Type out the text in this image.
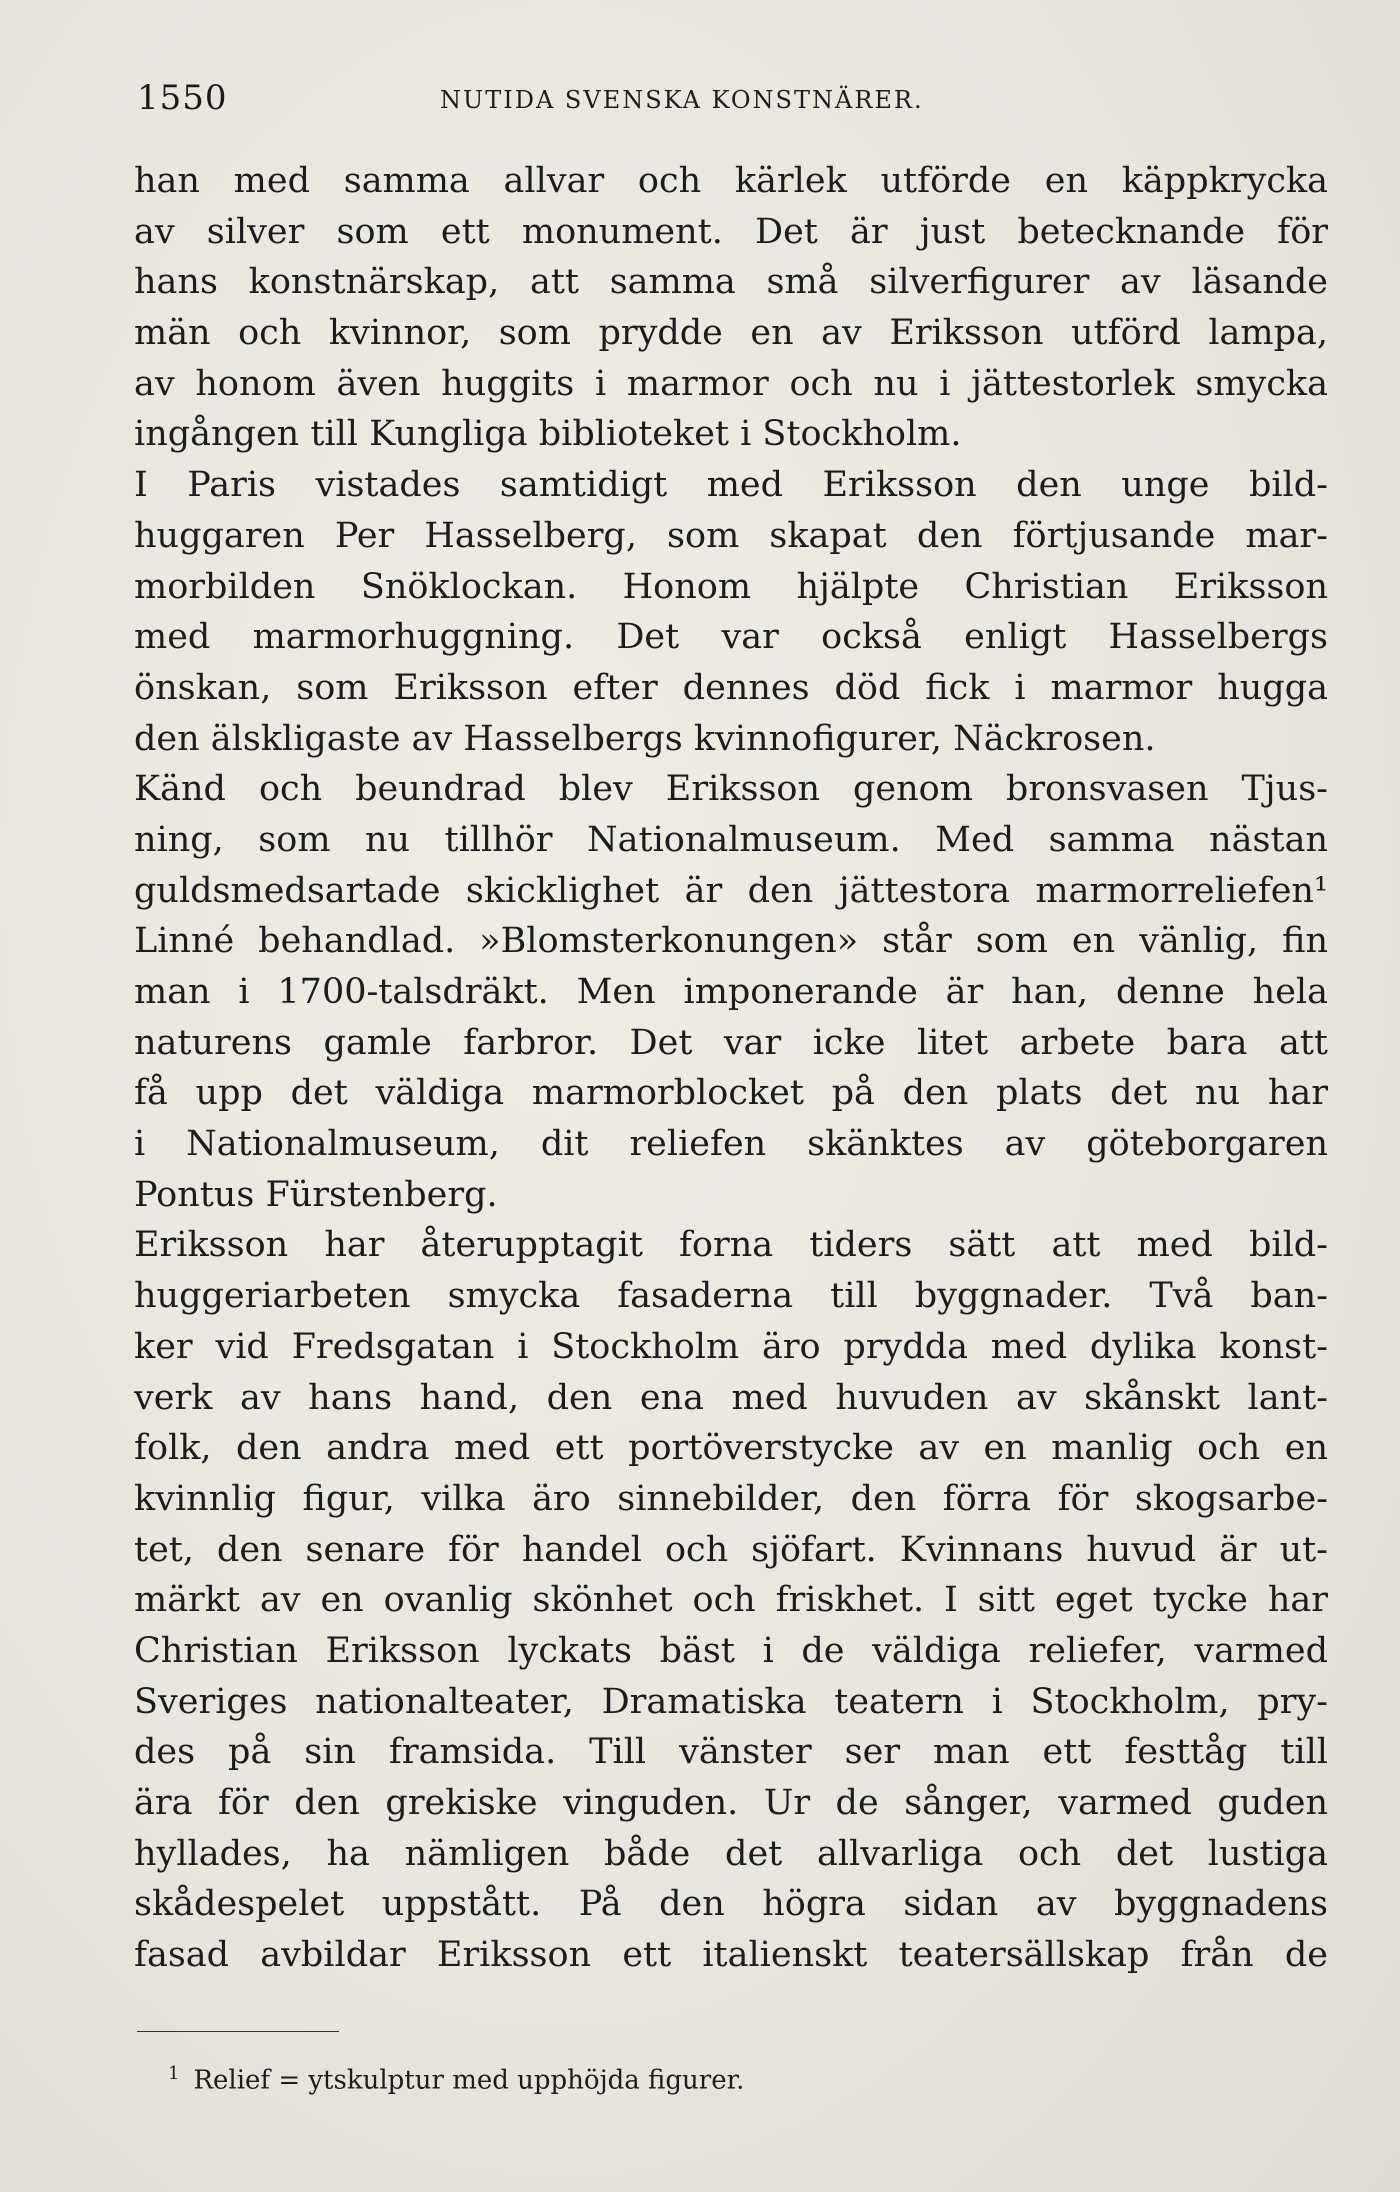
1550	NUTIDA SVENSKA KONSTNÄRER.
han med samma allvar och kärlek utförde en käppkrycka
av silver som ett monument. Det är just betecknande för
hans konstnärskap, att samma små silverfigurer av läsande
män och kvinnor, som prydde en av Eriksson utförd lampa,
av honom även huggits i marmor och nu i jättestorlek smycka
ingången till Kungliga biblioteket i Stockholm.
I Paris vistades samtidigt med Eriksson den unge bild-
huggaren Per Hasselberg, som skapat den förtjusande mar-
morbilden Snöklockan. Honom hjälpte Christian Eriksson
med marmorhuggning. Det var också enligt Hasselbergs
önskan, som Eriksson efter dennes död fick i marmor hugga
den älskligaste av Hasselbergs kvinnofigurer, Näckrosen.
Känd och beundrad blev Eriksson genom bronsvasen Tjus-
ning, som nu tillhör Nationalmuseum. Med samma nästan
guldsmedsartade skicklighet är den jättestora marmorreliefen¹
Linné behandlad. »Blomsterkonungen» står som en vänlig, fin
man i 1700-talsdräkt. Men imponerande är han, denne hela
naturens gamle farbror. Det var icke litet arbete bara att
få upp det väldiga marmorblocket på den plats det nu har
i Nationalmuseum, dit reliefen skänktes av göteborgaren
Pontus Fürstenberg.
Eriksson har återupptagit forna tiders sätt att med bild-
huggeriarbeten smycka fasaderna till byggnader. Två ban-
ker vid Fredsgatan i Stockholm äro prydda med dylika konst-
verk av hans hand, den ena med huvuden av skånskt lant-
folk, den andra med ett portöverstycke av en manlig och en
kvinnlig figur, vilka äro sinnebilder, den förra för skogsarbe-
tet, den senare för handel och sjöfart. Kvinnans huvud är ut-
märkt av en ovanlig skönhet och friskhet. I sitt eget tycke har
Christian Eriksson lyckats bäst i de väldiga reliefer, varmed
Sveriges nationalteater, Dramatiska teatern i Stockholm, pry-
des på sin framsida. Till vänster ser man ett festtåg till
ära för den grekiske vinguden. Ur de sånger, varmed guden
hyllades, ha nämligen både det allvarliga och det lustiga
skådespelet uppstått. På den högra sidan av byggnadens
fasad avbildar Eriksson ett italienskt teatersällskap från de
$^1$ Relief = ytskulptur med upphöjda figurer.
